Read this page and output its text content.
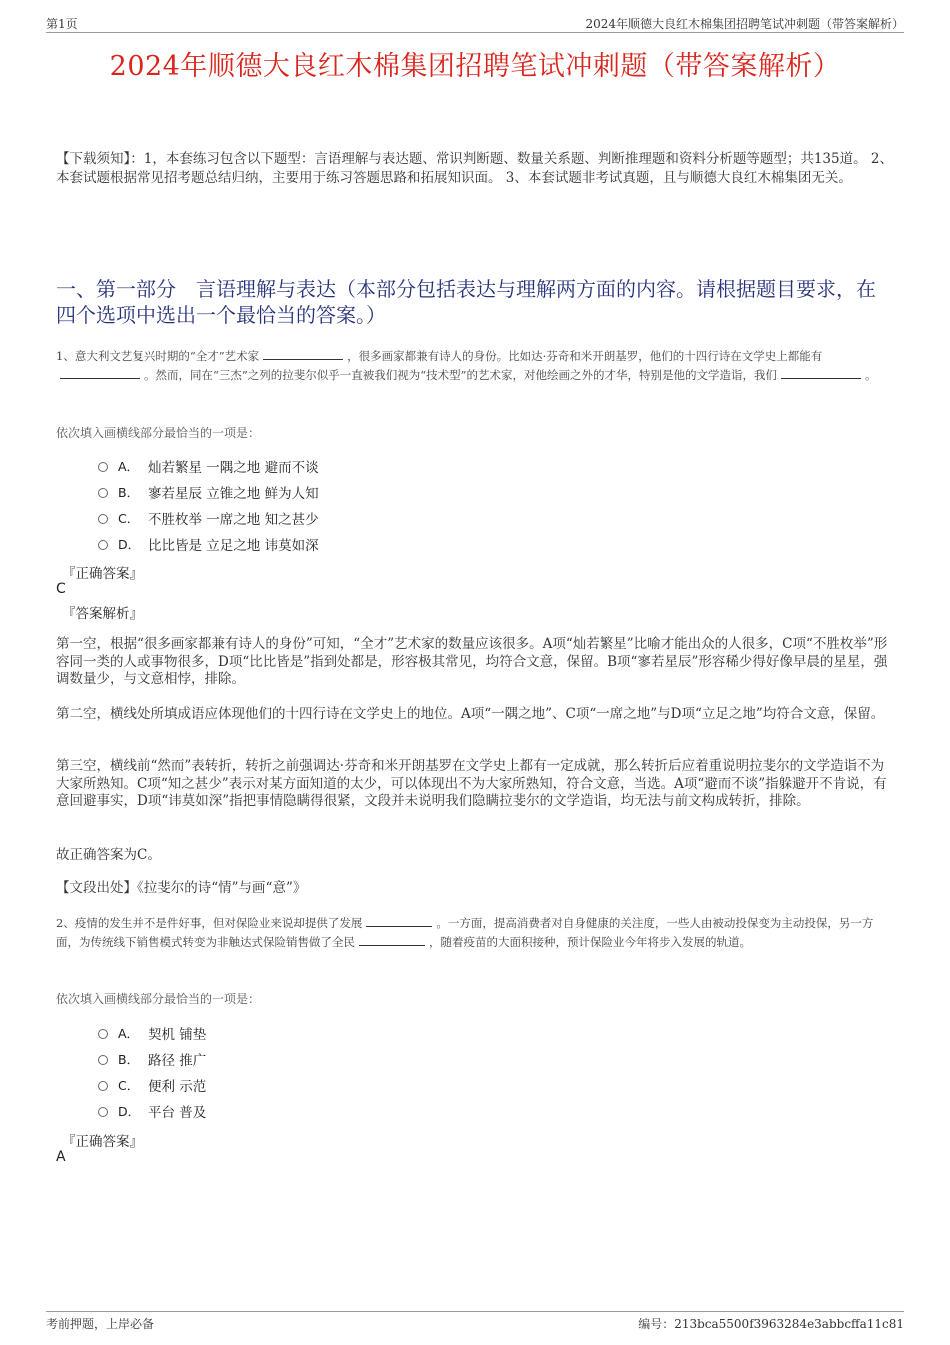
第1页	2024年顺德大良红木棉集团招聘笔试冲刺题（带答案解析）
2024年顺德大良红木棉集团招聘笔试冲刺题（带答案解析）
【下载须知】：1，本套练习包含以下题型：言语理解与表达题、常识判断题、数量关系题、判断推理题和资料分析题等题型；共135道。 2、本套试题根据常见招考题总结归纳，主要用于练习答题思路和拓展知识面。 3、本套试题非考试真题，且与顺德大良红木棉集团无关。
一、第一部分　言语理解与表达（本部分包括表达与理解两方面的内容。请根据题目要求，在四个选项中选出一个最恰当的答案。）
1、意大利文艺复兴时期的“全才”艺术家	，很多画家都兼有诗人的身份。比如达·芬奇和米开朗基罗，他们的十四行诗在文学史上都能有。然而，同在“三杰”之列的拉斐尔似乎一直被我们视为“技术型”的艺术家，对他绘画之外的才华，特别是他的文学造诣，我们	。
依次填入画横线部分最恰当的一项是：
A． 灿若繁星 一隅之地 避而不谈
B． 寥若星辰 立锥之地 鲜为人知
C． 不胜枚举 一席之地 知之甚少
D． 比比皆是 立足之地 讳莫如深
『正确答案』
C
『答案解析』
第一空，根据“很多画家都兼有诗人的身份”可知，“全才”艺术家的数量应该很多。A项“灿若繁星”比喻才能出众的人很多，C项“不胜枚举”形容同一类的人或事物很多，D项“比比皆是”指到处都是，形容极其常见，均符合文意，保留。B项“寥若星辰”形容稀少得好像早晨的星星，强调数量少，与文意相悖，排除。
第二空，横线处所填成语应体现他们的十四行诗在文学史上的地位。A项“一隅之地”、C项“一席之地”与D项“立足之地”均符合文意，保留。
第三空，横线前“然而”表转折，转折之前强调达·芬奇和米开朗基罗在文学史上都有一定成就，那么转折后应着重说明拉斐尔的文学造诣不为大家所熟知。C项“知之甚少”表示对某方面知道的太少，可以体现出不为大家所熟知，符合文意，当选。A项“避而不谈”指躲避开不肯说，有意回避事实，D项“讳莫如深”指把事情隐瞒得很紧，文段并未说明我们隐瞒拉斐尔的文学造诣，均无法与前文构成转折，排除。
故正确答案为C。
【文段出处】《拉斐尔的诗“情”与画“意”》
2、疫情的发生并不是件好事，但对保险业来说却提供了发展	。一方面，提高消费者对自身健康的关注度，一些人由被动投保变为主动投保，另一方面，为传统线下销售模式转变为非触达式保险销售做了全民	，随着疫苗的大面积接种，预计保险业今年将步入发展的轨道。
依次填入画横线部分最恰当的一项是：
A． 契机 铺垫
B． 路径 推广
C． 便利 示范
D． 平台 普及
『正确答案』
A
考前押题，上岸必备	编号：213bca5500f3963284e3abbcffa11c81
